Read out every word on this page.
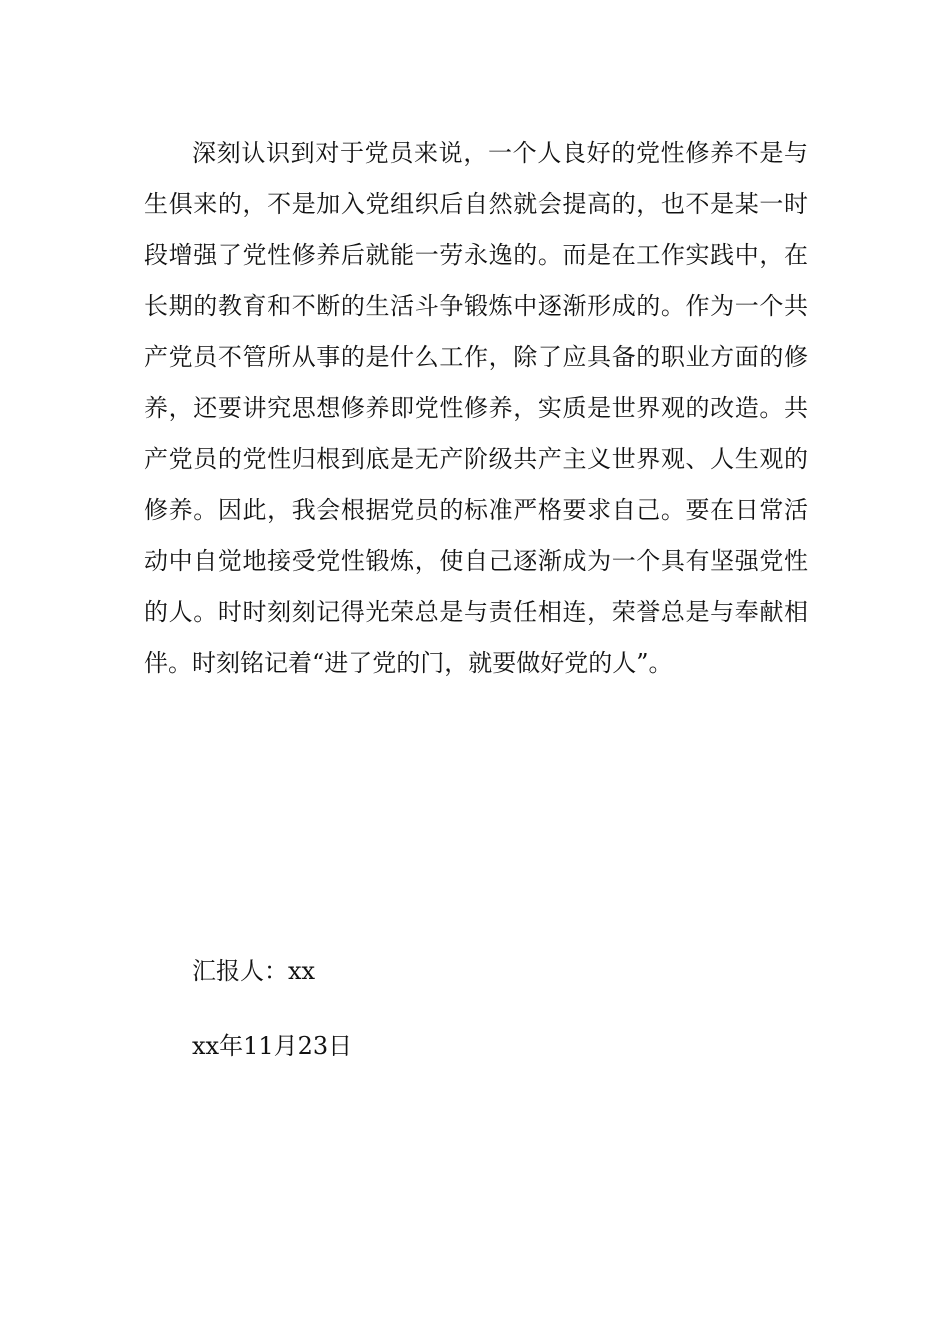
深刻认识到对于党员来说，一个人良好的党性修养不是与生俱来的，不是加入党组织后自然就会提高的，也不是某一时段增强了党性修养后就能一劳永逸的。而是在工作实践中，在长期的教育和不断的生活斗争锻炼中逐渐形成的。作为一个共产党员不管所从事的是什么工作，除了应具备的职业方面的修养，还要讲究思想修养即党性修养，实质是世界观的改造。共产党员的党性归根到底是无产阶级共产主义世界观、人生观的修养。因此，我会根据党员的标准严格要求自己。要在日常活动中自觉地接受党性锻炼，使自己逐渐成为一个具有坚强党性的人。时时刻刻记得光荣总是与责任相连，荣誉总是与奉献相伴。时刻铭记着“进了党的门，就要做好党的人”。

汇报人：xx

xx年11月23日
